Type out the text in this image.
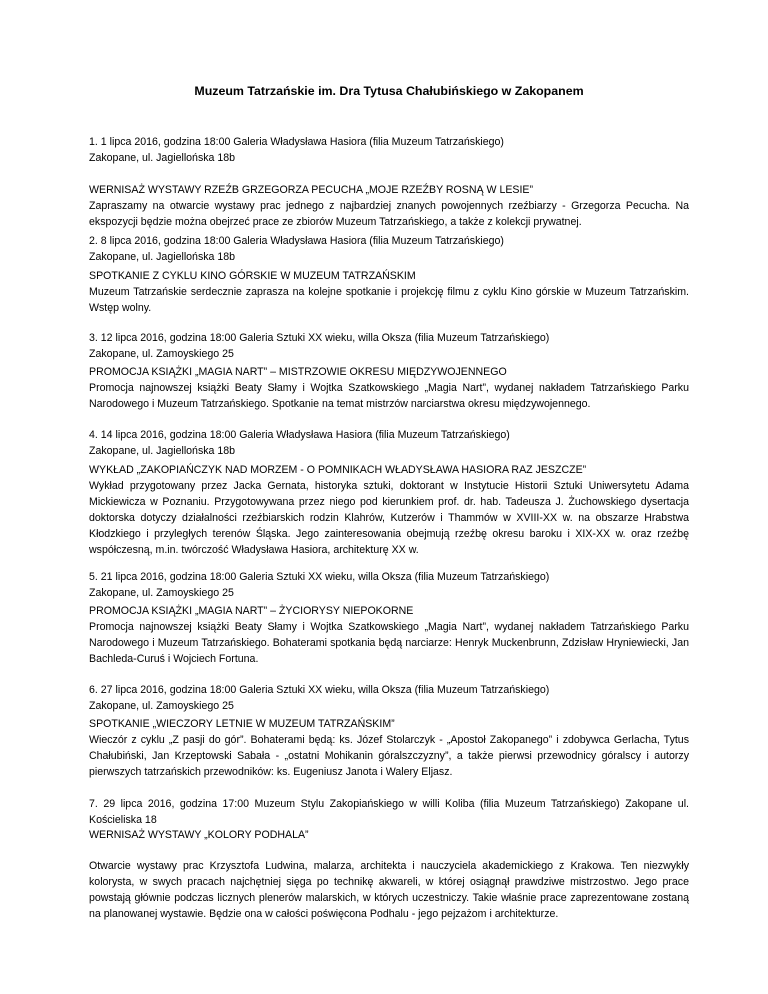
Muzeum Tatrzańskie im. Dra Tytusa Chałubińskiego w Zakopanem

1. 1 lipca 2016, godzina 18:00 Galeria Władysława Hasiora (filia Muzeum Tatrzańskiego)

Zakopane, ul. Jagiellońska 18b

WERNISAŻ WYSTAWY RZEŹB GRZEGORZA PECUCHA „MOJE RZEŹBY ROSNĄ W LESIE”

Zapraszamy na otwarcie wystawy prac jednego z najbardziej znanych powojennych rzeźbiarzy - Grzegorza Pecucha. Na ekspozycji będzie można obejrzeć prace ze zbiorów Muzeum Tatrzańskiego, a także z kolekcji prywatnej.

2. 8 lipca 2016, godzina 18:00 Galeria Władysława Hasiora (filia Muzeum Tatrzańskiego)

Zakopane, ul. Jagiellońska 18b

SPOTKANIE Z CYKLU KINO GÓRSKIE W MUZEUM TATRZAŃSKIM

Muzeum Tatrzańskie serdecznie zaprasza na kolejne spotkanie i projekcję filmu z cyklu Kino górskie w Muzeum Tatrzańskim. Wstęp wolny.

3. 12 lipca 2016, godzina 18:00 Galeria Sztuki XX wieku, willa Oksza (filia Muzeum Tatrzańskiego)

Zakopane, ul. Zamoyskiego 25

PROMOCJA KSIĄŻKI „MAGIA NART” – MISTRZOWIE OKRESU MIĘDZYWOJENNEGO

Promocja najnowszej książki Beaty Słamy i Wojtka Szatkowskiego „Magia Nart”, wydanej nakładem Tatrzańskiego Parku Narodowego i Muzeum Tatrzańskiego. Spotkanie na temat mistrzów narciarstwa okresu międzywojennego.

4. 14 lipca 2016, godzina 18:00 Galeria Władysława Hasiora (filia Muzeum Tatrzańskiego)

Zakopane, ul. Jagiellońska 18b

WYKŁAD „ZAKOPIAŃCZYK NAD MORZEM - O POMNIKACH WŁADYSŁAWA HASIORA RAZ JESZCZE”

Wykład przygotowany przez Jacka Gernata, historyka sztuki, doktorant w Instytucie Historii Sztuki Uniwersytetu Adama Mickiewicza w Poznaniu. Przygotowywana przez niego pod kierunkiem prof. dr. hab. Tadeusza J. Żuchowskiego dysertacja doktorska dotyczy działalności rzeźbiarskich rodzin Klahrów, Kutzerów i Thammów w XVIII-XX w. na obszarze Hrabstwa Kłodzkiego i przyległych terenów Śląska. Jego zainteresowania obejmują rzeźbę okresu baroku i XIX-XX w. oraz rzeźbę współczesną, m.in. twórczość Władysława Hasiora, architekturę XX w.

5. 21 lipca 2016, godzina 18:00 Galeria Sztuki XX wieku, willa Oksza (filia Muzeum Tatrzańskiego)

Zakopane, ul. Zamoyskiego 25

PROMOCJA KSIĄŻKI „MAGIA NART” – ŻYCIORYSY NIEPOKORNE

Promocja najnowszej książki Beaty Słamy i Wojtka Szatkowskiego „Magia Nart”, wydanej nakładem Tatrzańskiego Parku Narodowego i Muzeum Tatrzańskiego. Bohaterami spotkania będą narciarze: Henryk Muckenbrunn, Zdzisław Hryniewiecki, Jan Bachleda-Curuś i Wojciech Fortuna.

6. 27 lipca 2016, godzina 18:00 Galeria Sztuki XX wieku, willa Oksza (filia Muzeum Tatrzańskiego)

Zakopane, ul. Zamoyskiego 25

SPOTKANIE „WIECZORY LETNIE W MUZEUM TATRZAŃSKIM”

Wieczór z cyklu „Z pasji do gór”. Bohaterami będą: ks. Józef Stolarczyk - „Apostoł Zakopanego” i zdobywca Gerlacha, Tytus Chałubiński, Jan Krzeptowski Sabała - „ostatni Mohikanin góralszczyzny”, a także pierwsi przewodnicy góralscy i autorzy pierwszych tatrzańskich przewodników: ks. Eugeniusz Janota i Walery Eljasz.

7. 29 lipca 2016, godzina 17:00 Muzeum Stylu Zakopiańskiego w willi Koliba (filia Muzeum Tatrzańskiego) Zakopane ul. Kościeliska 18

WERNISAŻ WYSTAWY „KOLORY PODHALA”

Otwarcie wystawy prac Krzysztofa Ludwina, malarza, architekta i nauczyciela akademickiego z Krakowa. Ten niezwykły kolorysta, w swych pracach najchętniej sięga po technikę akwareli, w której osiągnął prawdziwe mistrzostwo. Jego prace powstają głównie podczas licznych plenerów malarskich, w których uczestniczy. Takie właśnie prace zaprezentowane zostaną na planowanej wystawie. Będzie ona w całości poświęcona Podhalu - jego pejzażom i architekturze.
